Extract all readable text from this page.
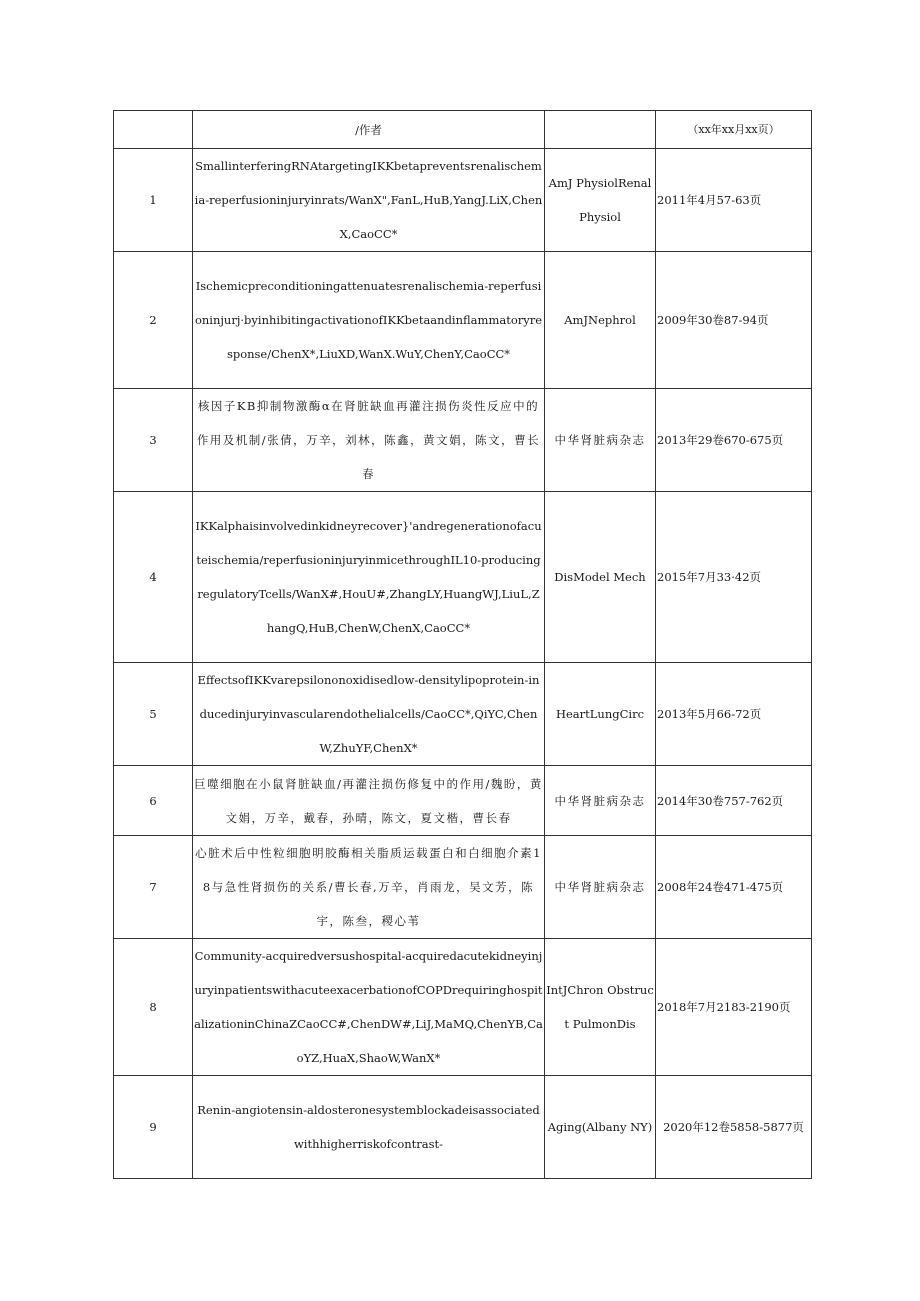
	/作者		（xx年xx月xx页）
1	SmallinterferingRNAtargetingIKKbetapreventsrenalischemia-reperfusioninjuryinrats/WanX",FanL,HuB,YangJ.LiX,ChenX,CaoCC*	AmJ PhysiolRenalPhysiol	2011年4月57-63页
2	Ischemicpreconditioningattenuatesrenalischemia-reperfusioninjurj·byinhibitingactivationofIKKbetaandinflammatoryresponse/ChenX*,LiuXD,WanX.WuY,ChenY,CaoCC*	AmJNephrol	2009年30卷87-94页
3	核因子KB抑制物激酶α在肾脏缺血再灌注损伤炎性反应中的作用及机制/张倩，万辛，刘林，陈鑫，黄文娟，陈文，曹长春	中华肾脏病杂志	2013年29卷670-675页
4	IKKalphaisinvolvedinkidneyrecover}'andregenerationofacuteischemia/reperfusioninjuryinmicethroughIL10-producingregulatoryTcells/WanX#,HouU#,ZhangLY,HuangWJ,LiuL,ZhangQ,HuB,ChenW,ChenX,CaoCC*	DisModel Mech	2015年7月33·42页
5	EffectsofIKKvarepsilononoxidisedlow-densitylipoprotein-inducedinjuryinvascularendothelialcells/CaoCC*,QiYC,ChenW,ZhuYF,ChenX*	HeartLungCirc	2013年5月66-72页
6	巨噬细胞在小鼠肾脏缺血/再灌注损伤修复中的作用/魏盼，黄文娟，万辛，戴春，孙晴，陈文，夏文楷，曹长春	中华肾脏病杂志	2014年30卷757-762页
7	心脏术后中性粒细胞明胶酶相关脂质运载蛋白和白细胞介素18与急性肾损伤的关系/曹长春,万辛，肖雨龙，吴文芳，陈宇，陈叁，稷心苇	中华肾脏病杂志	2008年24卷471-475页
8	Community-acquiredversushospital-acquiredacutekidneyinjuryinpatientswithacuteexacerbationofCOPDrequiringhospitalizationinChinaZCaoCC#,ChenDW#,LiJ,MaMQ,ChenYB,CaoYZ,HuaX,ShaoW,WanX*	IntJChron Obstruct PulmonDis	2018年7月2183-2190页
9	Renin-angiotensin-aldosteronesystemblockadeisassociatedwithhigherriskofcontrast-	Aging(Albany NY)	2020年12卷5858-5877页
